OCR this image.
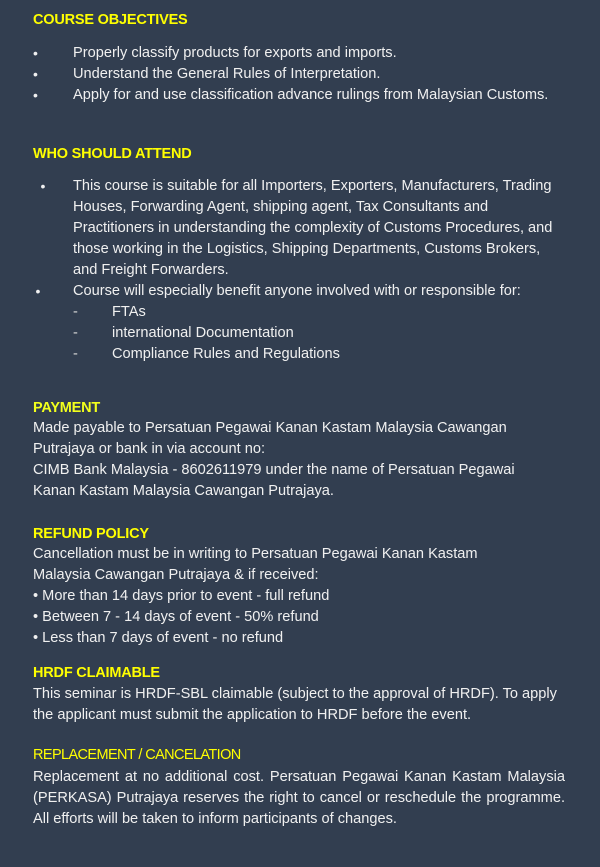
COURSE OBJECTIVES
•	Properly classify products for exports and imports.
•	Understand the General Rules of Interpretation.
•	Apply for and use classification advance rulings from Malaysian Customs.
WHO SHOULD ATTEND
• This course is suitable for all Importers, Exporters, Manufacturers, Trading Houses, Forwarding Agent, shipping agent, Tax Consultants and Practitioners in understanding the complexity of Customs Procedures, and those working in the Logistics, Shipping Departments, Customs Brokers, and Freight Forwarders.
• Course will especially benefit anyone involved with or responsible for:
- FTAs
- international Documentation
- Compliance Rules and Regulations
PAYMENT
Made payable to Persatuan Pegawai Kanan Kastam Malaysia Cawangan Putrajaya or bank in via account no:
CIMB Bank Malaysia - 8602611979 under the name of Persatuan Pegawai Kanan Kastam Malaysia Cawangan Putrajaya.
REFUND POLICY
Cancellation must be in writing to Persatuan Pegawai Kanan Kastam Malaysia Cawangan Putrajaya & if received:
• More than 14 days prior to event - full refund
• Between 7 - 14 days of event - 50% refund
• Less than 7 days of event - no refund
HRDF CLAIMABLE
This seminar is HRDF-SBL claimable (subject to the approval of HRDF). To apply the applicant must submit the application to HRDF before the event.
REPLACEMENT / CANCELATION
Replacement at no additional cost. Persatuan Pegawai Kanan Kastam Malaysia (PERKASA) Putrajaya reserves the right to cancel or reschedule the programme. All efforts will be taken to inform participants of changes.
